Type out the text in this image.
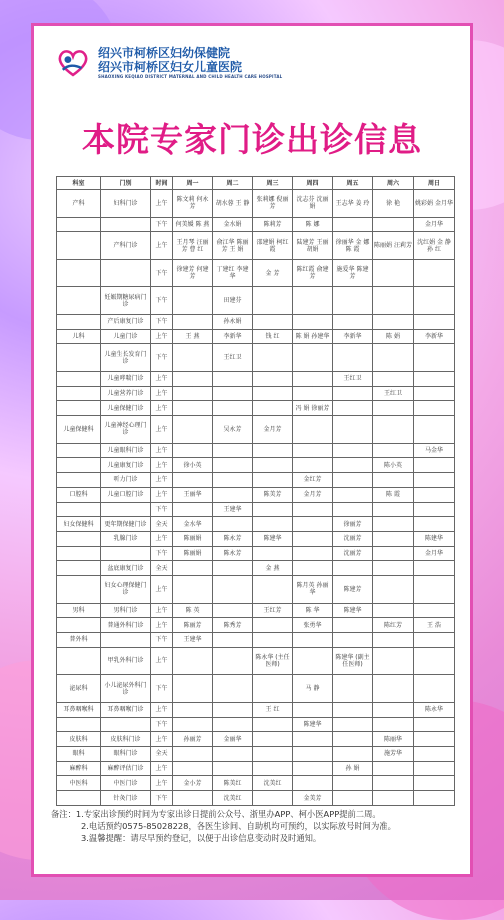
绍兴市柯桥区妇幼保健院
绍兴市柯桥区妇女儿童医院
SHAOXING KEQIAO DISTRICT MATERNAL AND CHILD HEALTH CARE HOSPITAL
本院专家门诊出诊信息
科室	门别	时间	周一	周二	周三	周四	周五	周六	周日
产科	妇科门诊	上午	陈文莉 何永芳	胡水蓉 王 静	张莉娜 倪丽芳	沈志芬 沈丽娟	王志华 姜 玲	徐 艳	姚彩娟 金月华
		下午	何美媛 陈 燕	金水娟	陈莉芳	陈 娜			金月华
	产科门诊	上午	王月琴 汪丽芳 曹 红	俞江华 陈丽芳 王 娟	邵建娟 柯红霞	陆建芳 王丽 胡娟	徐丽华 金 娜 陈 霞	陈丽娟 汪莉芳	沈红娟 金 静 孙 红
		下午	徐建芳 何建芳	丁建红 李建华	金 芳	陈红霞 俞建芳	施爱华 陈建芳		
	妊娠期糖尿病门诊	下午		田建芬					
	产后康复门诊	下午		孙永娟					
儿科	儿童门诊	上午	王 燕	李新华	钱 红	陈 娟 孙建华	李新华	陈 娟	李新华
	儿童生长发育门诊	下午		王红卫					
	儿童哮喘门诊	上午					王红卫		
	儿童营养门诊	上午						王红卫	
	儿童保健门诊	上午				冯 娟 徐丽芳			
儿童保健科	儿童神经心理门诊	上午		吴永芳	金月芳				
	儿童眼科门诊	上午							马金华
	儿童康复门诊	上午	徐小英					陈小英	
	听力门诊	上午				金红芳			
口腔科	儿童口腔门诊	上午	王丽华		陈美芳	金月芳		陈 霞	
		下午		王建华					
妇女保健科	更年期保健门诊	全天	金水华				徐丽芳		
	乳腺门诊	上午	陈丽娟	陈永芳	陈建华		沈丽芳		陈建华
		下午	陈丽娟	陈永芳			沈丽芳		金月华
	盆底康复门诊	全天			金 燕				
	妇女心理保健门诊	上午				陈月英 孙丽华	陈建芳		
男科	男科门诊	上午	陈 英		王红芳	陈 华	陈建华		
	普通外科门诊	上午	陈丽芳	陈秀芳		张勇华		陈红芳	王 浩
普外科		下午	王建华						
	甲乳外科门诊	上午			陈永华 (主任医师)		陈建华 (副主任医师)		
泌尿科	小儿泌尿外科门诊	下午				马 静			
耳鼻咽喉科	耳鼻咽喉门诊	上午			王 红				陈永华
		下午				陈建华			
皮肤科	皮肤科门诊	上午	孙丽芳	金丽华				陈丽华	
眼科	眼科门诊	全天						施芳华	
麻醉科	麻醉评估门诊	上午					孙 娟		
中医科	中医门诊	上午	金小芳	陈美红	沈美红				
	针灸门诊	下午		沈美红		金美芳			
备注：1.专家出诊预约时间为专家出诊日提前公众号、浙里办APP、柯小医APP提前二周。
2.电话预约0575-85028228，各医生诊间、自助机均可预约，以实际放号时间为准。
3.温馨提醒：请尽早预约登记，以便于出诊信息变动时及时通知。
